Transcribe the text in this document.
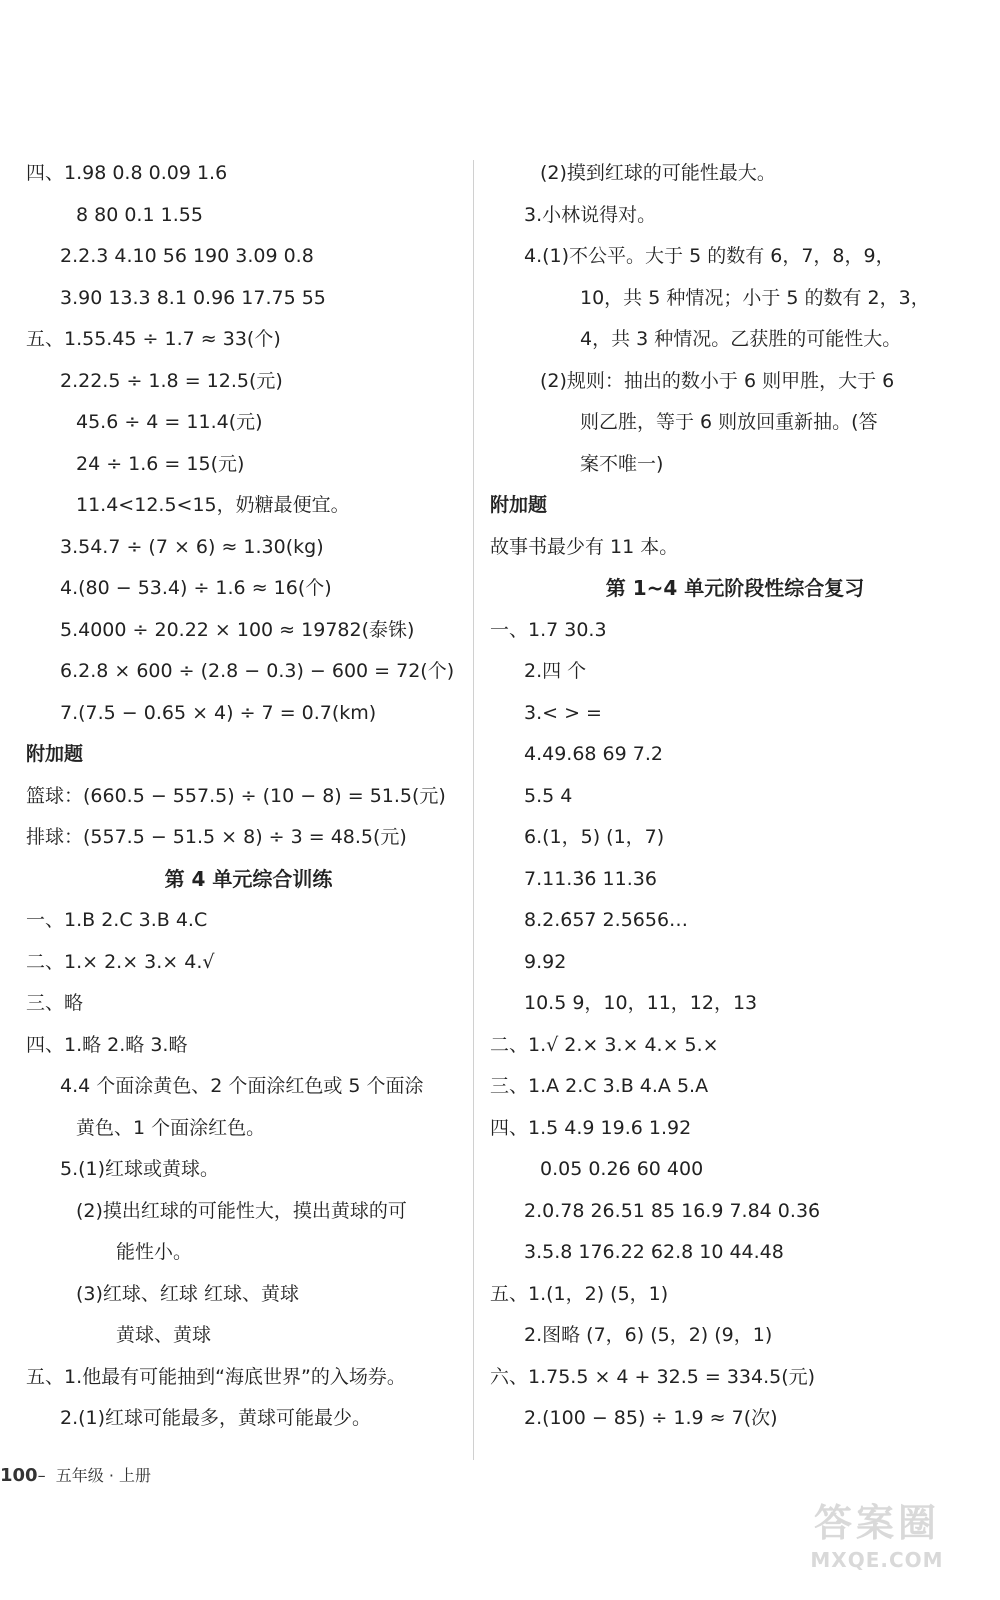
四、1.98 0.8 0.09 1.6
8 80 0.1 1.55
2.2.3 4.10 56 190 3.09 0.8
3.90 13.3 8.1 0.96 17.75 55
五、1.55.45 ÷ 1.7 ≈ 33(个)
2.22.5 ÷ 1.8 = 12.5(元)
45.6 ÷ 4 = 11.4(元)
24 ÷ 1.6 = 15(元)
11.4<12.5<15，奶糖最便宜。
3.54.7 ÷ (7 × 6) ≈ 1.30(kg)
4.(80 − 53.4) ÷ 1.6 ≈ 16(个)
5.4000 ÷ 20.22 × 100 ≈ 19782(泰铢)
6.2.8 × 600 ÷ (2.8 − 0.3) − 600 = 72(个)
7.(7.5 − 0.65 × 4) ÷ 7 = 0.7(km)
附加题
篮球：(660.5 − 557.5) ÷ (10 − 8) = 51.5(元)
排球：(557.5 − 51.5 × 8) ÷ 3 = 48.5(元)
第 4 单元综合训练
一、1.B 2.C 3.B 4.C
二、1.× 2.× 3.× 4.√
三、略
四、1.略 2.略 3.略
4.4 个面涂黄色、2 个面涂红色或 5 个面涂
黄色、1 个面涂红色。
5.(1)红球或黄球。
(2)摸出红球的可能性大，摸出黄球的可
能性小。
(3)红球、红球 红球、黄球
黄球、黄球
五、1.他最有可能抽到“海底世界”的入场券。
2.(1)红球可能最多，黄球可能最少。
(2)摸到红球的可能性最大。
3.小林说得对。
4.(1)不公平。大于 5 的数有 6，7，8，9，
10，共 5 种情况；小于 5 的数有 2，3，
4，共 3 种情况。乙获胜的可能性大。
(2)规则：抽出的数小于 6 则甲胜，大于 6
则乙胜，等于 6 则放回重新抽。(答
案不唯一)
附加题
故事书最少有 11 本。
第 1~4 单元阶段性综合复习
一、1.7 30.3
2.四 个
3.< > =
4.49.68 69 7.2
5.5 4
6.(1，5) (1，7)
7.11.3̇6̇ 11.36
8.2.6̇57̇ 2.5656…
9.92
10.5 9，10，11，12，13
二、1.√ 2.× 3.× 4.× 5.×
三、1.A 2.C 3.B 4.A 5.A
四、1.5 4.9 19.6 1.92
0.05 0.26 60 400
2.0.78 26.51 85 16.9 7.84 0.36̇
3.5.8 176.22 62.8 10 44.48
五、1.(1，2) (5，1)
2.图略 (7，6) (5，2) (9，1)
六、1.75.5 × 4 + 32.5 = 334.5(元)
2.(100 − 85) ÷ 1.9 ≈ 7(次)
100– 五年级 · 上册
答案圈
MXQE.COM
